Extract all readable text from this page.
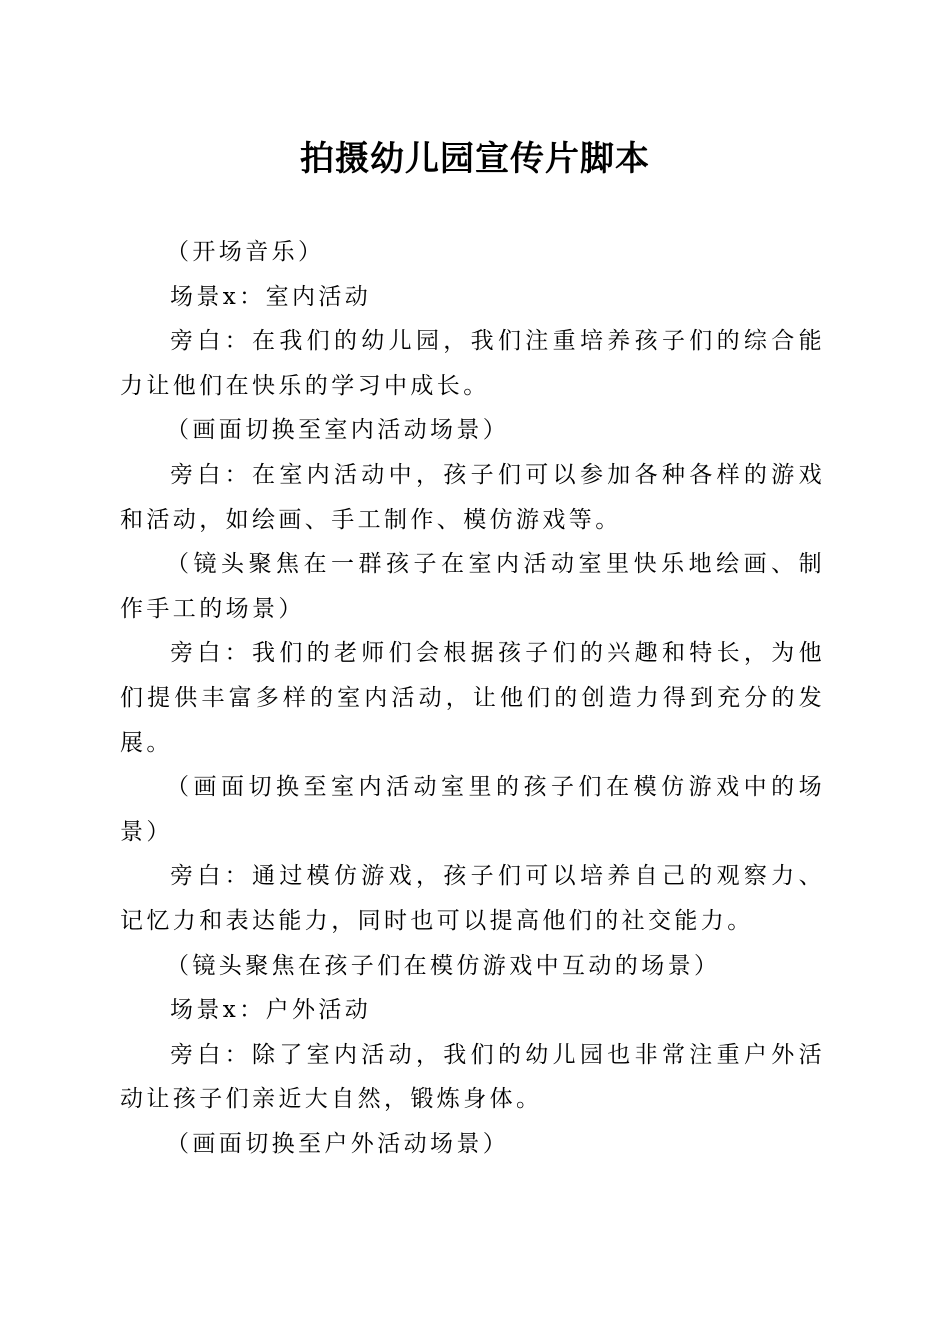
拍摄幼儿园宣传片脚本

（开场音乐）

场景x：室内活动

旁白：在我们的幼儿园，我们注重培养孩子们的综合能力让他们在快乐的学习中成长。

（画面切换至室内活动场景）

旁白：在室内活动中，孩子们可以参加各种各样的游戏和活动，如绘画、手工制作、模仿游戏等。

（镜头聚焦在一群孩子在室内活动室里快乐地绘画、制作手工的场景）

旁白：我们的老师们会根据孩子们的兴趣和特长，为他们提供丰富多样的室内活动，让他们的创造力得到充分的发展。

（画面切换至室内活动室里的孩子们在模仿游戏中的场景）

旁白：通过模仿游戏，孩子们可以培养自己的观察力、记忆力和表达能力，同时也可以提高他们的社交能力。

（镜头聚焦在孩子们在模仿游戏中互动的场景）

场景x：户外活动

旁白：除了室内活动，我们的幼儿园也非常注重户外活动让孩子们亲近大自然，锻炼身体。

（画面切换至户外活动场景）
